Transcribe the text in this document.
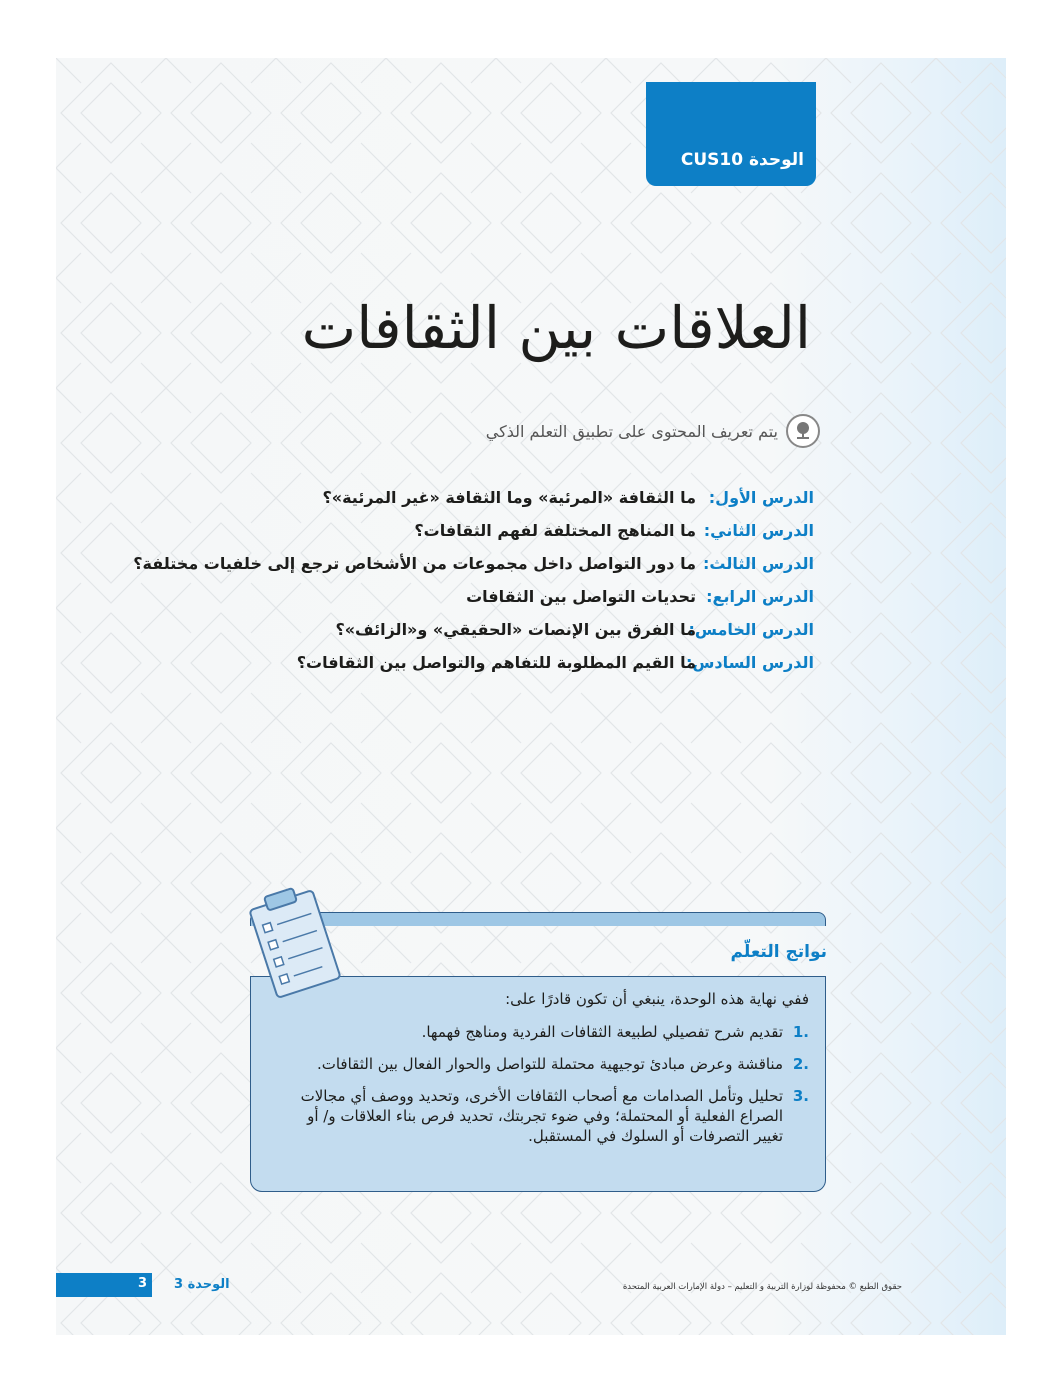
الوحدة CUS10
العلاقات بين الثقافات
يتم تعريف المحتوى على تطبيق التعلم الذكي
الدرس الأول:
ما الثقافة «المرئية» وما الثقافة «غير المرئية»؟
الدرس الثاني:
ما المناهج المختلفة لفهم الثقافات؟
الدرس الثالث:
ما دور التواصل داخل مجموعات من الأشخاص ترجع إلى خلفيات مختلفة؟
الدرس الرابع:
تحديات التواصل بين الثقافات
الدرس الخامس:
ما الفرق بين الإنصات «الحقيقي» و«الزائف»؟
الدرس السادس:
ما القيم المطلوبة للتفاهم والتواصل بين الثقافات؟
نواتج التعلّم
ففي نهاية هذه الوحدة، ينبغي أن تكون قادرًا على:
.1
تقديم شرح تفصيلي لطبيعة الثقافات الفردية ومناهج فهمها.
.2
مناقشة وعرض مبادئ توجيهية محتملة للتواصل والحوار الفعال بين الثقافات.
.3
تحليل وتأمل الصدامات مع أصحاب الثقافات الأخرى، وتحديد ووصف أي مجالات الصراع الفعلية أو المحتملة؛ وفي ضوء تجربتك، تحديد فرص بناء العلاقات و/ أو تغيير التصرفات أو السلوك في المستقبل.
3 الوحدة 3	حقوق الطبع © محفوظة لوزارة التربية و التعليم – دولة الإمارات العربية المتحدة
